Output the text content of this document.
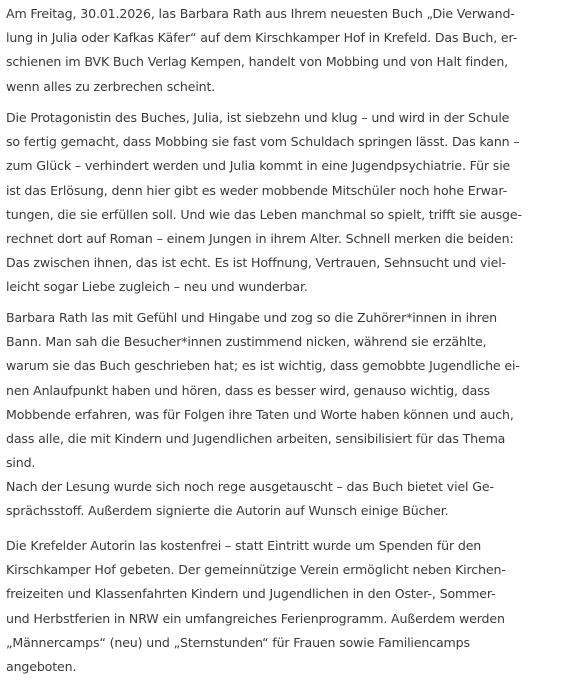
Am Freitag, 30.01.2026, las Barbara Rath aus Ihrem neuesten Buch „Die Verwand-
lung in Julia oder Kafkas Käfer“ auf dem Kirschkamper Hof in Krefeld. Das Buch, er-
schienen im BVK Buch Verlag Kempen, handelt von Mobbing und von Halt finden,
wenn alles zu zerbrechen scheint.

Die Protagonistin des Buches, Julia, ist siebzehn und klug – und wird in der Schule
so fertig gemacht, dass Mobbing sie fast vom Schuldach springen lässt. Das kann –
zum Glück – verhindert werden und Julia kommt in eine Jugendpsychiatrie. Für sie
ist das Erlösung, denn hier gibt es weder mobbende Mitschüler noch hohe Erwar-
tungen, die sie erfüllen soll. Und wie das Leben manchmal so spielt, trifft sie ausge-
rechnet dort auf Roman – einem Jungen in ihrem Alter. Schnell merken die beiden:
Das zwischen ihnen, das ist echt. Es ist Hoffnung, Vertrauen, Sehnsucht und viel-
leicht sogar Liebe zugleich – neu und wunderbar.

Barbara Rath las mit Gefühl und Hingabe und zog so die Zuhörer*innen in ihren
Bann. Man sah die Besucher*innen zustimmend nicken, während sie erzählte,
warum sie das Buch geschrieben hat; es ist wichtig, dass gemobbte Jugendliche ei-
nen Anlaufpunkt haben und hören, dass es besser wird, genauso wichtig, dass
Mobbende erfahren, was für Folgen ihre Taten und Worte haben können und auch,
dass alle, die mit Kindern und Jugendlichen arbeiten, sensibilisiert für das Thema
sind.

Nach der Lesung wurde sich noch rege ausgetauscht – das Buch bietet viel Ge-
sprächsstoff. Außerdem signierte die Autorin auf Wunsch einige Bücher.

Die Krefelder Autorin las kostenfrei – statt Eintritt wurde um Spenden für den
Kirschkamper Hof gebeten. Der gemeinnützige Verein ermöglicht neben Kirchen-
freizeiten und Klassenfahrten Kindern und Jugendlichen in den Oster-, Sommer-
und Herbstferien in NRW ein umfangreiches Ferienprogramm. Außerdem werden
„Männercamps“ (neu) und „Sternstunden“ für Frauen sowie Familiencamps
angeboten.
